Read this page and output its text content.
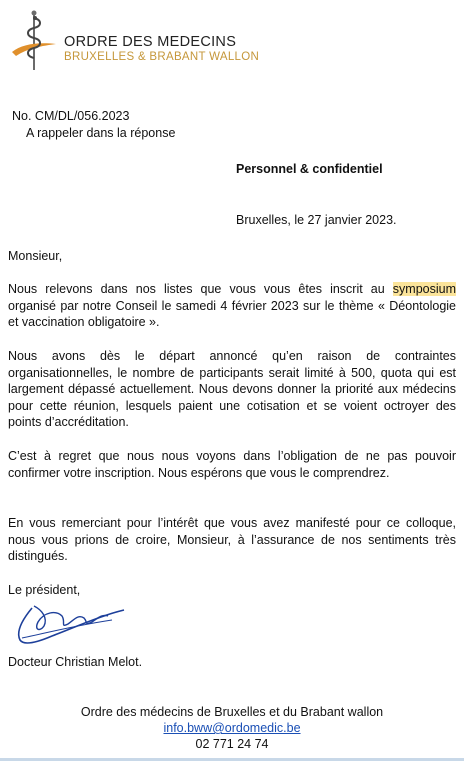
ORDRE DES MEDECINS
BRUXELLES & BRABANT WALLON
No. CM/DL/056.2023
A rappeler dans la réponse
Personnel & confidentiel
Bruxelles, le 27 janvier 2023.
Monsieur,
Nous relevons dans nos listes que vous vous êtes inscrit au symposium organisé par notre Conseil le samedi 4 février 2023 sur le thème « Déontologie et vaccination obligatoire ».
Nous avons dès le départ annoncé qu’en raison de contraintes organisationnelles, le nombre de participants serait limité à 500, quota qui est largement dépassé actuellement. Nous devons donner la priorité aux médecins pour cette réunion, lesquels paient une cotisation et se voient octroyer des points d’accréditation.
C’est à regret que nous nous voyons dans l’obligation de ne pas pouvoir confirmer votre inscription. Nous espérons que vous le comprendrez.
En vous remerciant pour l’intérêt que vous avez manifesté pour ce colloque, nous vous prions de croire, Monsieur, à l’assurance de nos sentiments très distingués.
Le président,
Docteur Christian Melot.
Ordre des médecins de Bruxelles et du Brabant wallon
info.bww@ordomedic.be
02 771 24 74
